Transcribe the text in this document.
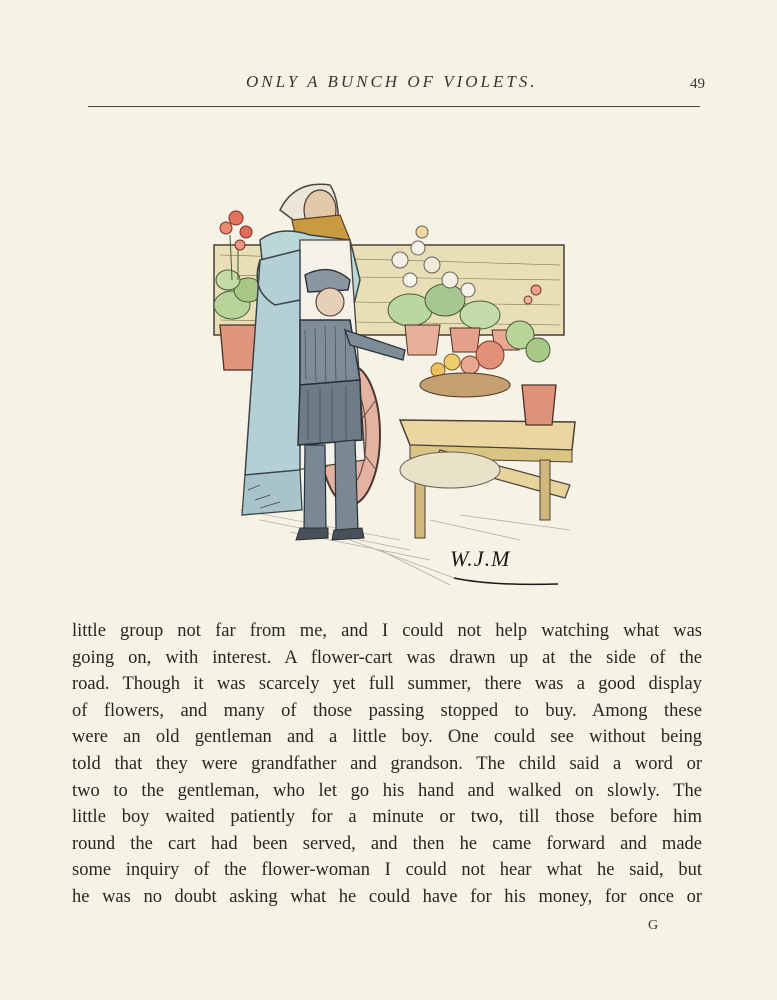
ONLY A BUNCH OF VIOLETS.	49
W.J.M
little group not far from me, and I could not help watching what was
going on, with interest. A flower-cart was drawn up at the side of the
road. Though it was scarcely yet full summer, there was a good display
of flowers, and many of those passing stopped to buy. Among these
were an old gentleman and a little boy. One could see without being
told that they were grandfather and grandson. The child said a word or
two to the gentleman, who let go his hand and walked on slowly. The
little boy waited patiently for a minute or two, till those before him
round the cart had been served, and then he came forward and made
some inquiry of the flower-woman I could not hear what he said, but
he was no doubt asking what he could have for his money, for once or
G
